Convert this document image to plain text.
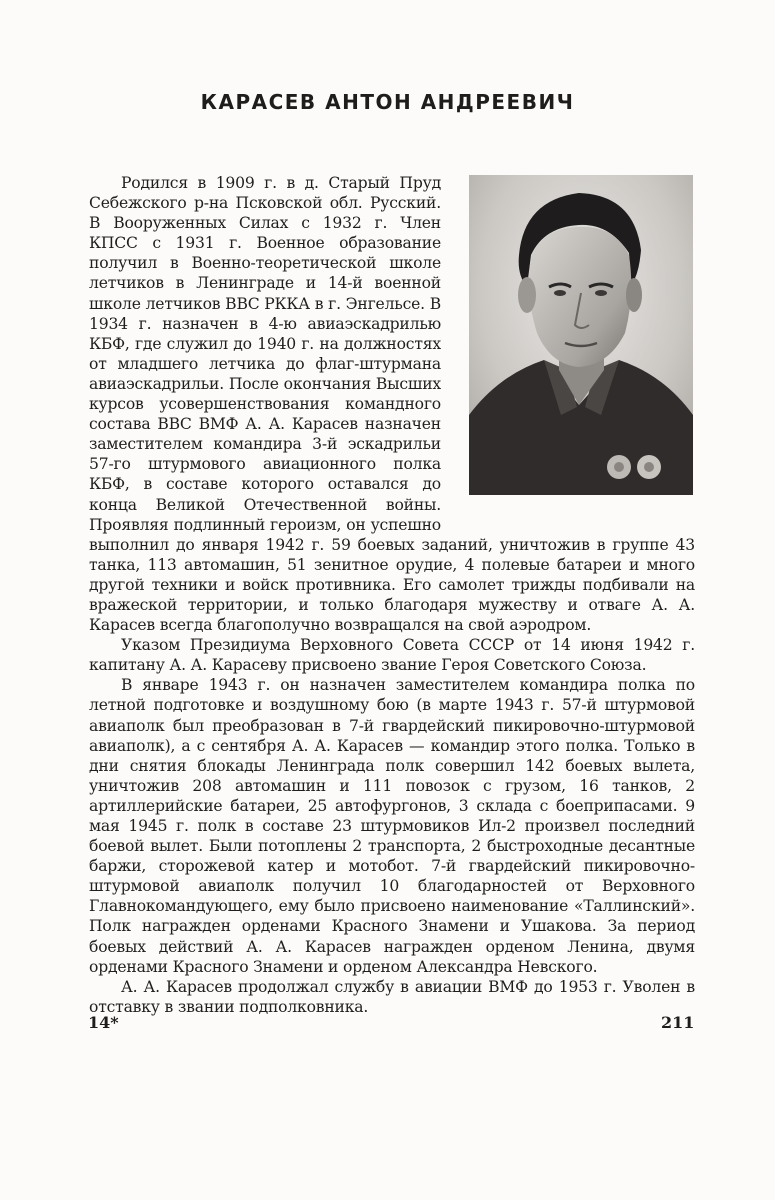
КАРАСЕВ АНТОН АНДРЕЕВИЧ

Родился в 1909 г. в д. Старый Пруд Себежского р-на Псковской обл. Русский. В Вооруженных Силах с 1932 г. Член КПСС с 1931 г. Военное образование получил в Военно-теоретической школе летчиков в Ленинграде и 14-й военной школе летчиков ВВС РККА в г. Энгельсе. В 1934 г. назначен в 4-ю авиаэскадрилью КБФ, где служил до 1940 г. на должностях от младшего летчика до флаг-штурмана авиаэскадрильи. После окончания Высших курсов усовершенствования командного состава ВВС ВМФ А. А. Карасев назначен заместителем командира 3-й эскадрильи 57-го штурмового авиационного полка КБФ, в составе которого оставался до конца Великой Отечественной войны. Проявляя подлинный героизм, он успешно выполнил до января 1942 г. 59 боевых заданий, уничтожив в группе 43 танка, 113 автомашин, 51 зенитное орудие, 4 полевые батареи и много другой техники и войск противника. Его самолет трижды подбивали на вражеской территории, и только благодаря мужеству и отваге А. А. Карасев всегда благополучно возвращался на свой аэродром.

Указом Президиума Верховного Совета СССР от 14 июня 1942 г. капитану А. А. Карасеву присвоено звание Героя Советского Союза.

В январе 1943 г. он назначен заместителем командира полка по летной подготовке и воздушному бою (в марте 1943 г. 57-й штурмовой авиаполк был преобразован в 7-й гвардейский пикировочно-штурмовой авиаполк), а с сентября А. А. Карасев — командир этого полка. Только в дни снятия блокады Ленинграда полк совершил 142 боевых вылета, уничтожив 208 автомашин и 111 повозок с грузом, 16 танков, 2 артиллерийские батареи, 25 автофургонов, 3 склада с боеприпасами. 9 мая 1945 г. полк в составе 23 штурмовиков Ил-2 произвел последний боевой вылет. Были потоплены 2 транспорта, 2 быстроходные десантные баржи, сторожевой катер и мотобот. 7-й гвардейский пикировочно-штурмовой авиаполк получил 10 благодарностей от Верховного Главнокомандующего, ему было присвоено наименование «Таллинский». Полк награжден орденами Красного Знамени и Ушакова. За период боевых действий А. А. Карасев награжден орденом Ленина, двумя орденами Красного Знамени и орденом Александра Невского.

А. А. Карасев продолжал службу в авиации ВМФ до 1953 г. Уволен в отставку в звании подполковника.

14*	211
